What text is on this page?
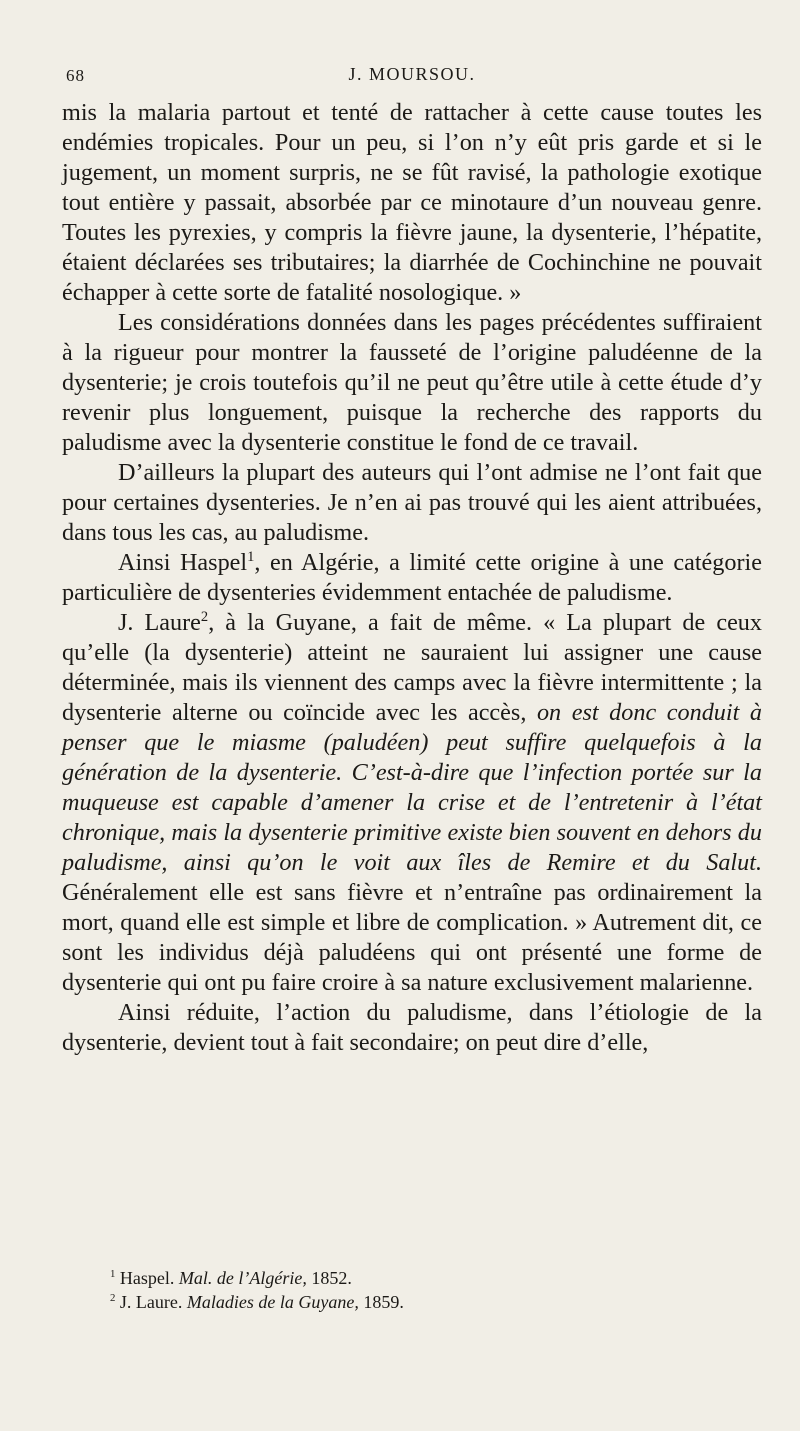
68	J. MOURSOU.

mis la malaria partout et tenté de rattacher à cette cause toutes les endémies tropicales. Pour un peu, si l’on n’y eût pris garde et si le jugement, un moment surpris, ne se fût ravisé, la pathologie exotique tout entière y passait, absorbée par ce minotaure d’un nouveau genre. Toutes les pyrexies, y compris la fièvre jaune, la dysenterie, l’hépatite, étaient déclarées ses tributaires; la diarrhée de Cochinchine ne pouvait échapper à cette sorte de fatalité nosologique. »

Les considérations données dans les pages précédentes suffiraient à la rigueur pour montrer la fausseté de l’origine paludéenne de la dysenterie; je crois toutefois qu’il ne peut qu’être utile à cette étude d’y revenir plus longuement, puisque la recherche des rapports du paludisme avec la dysenterie constitue le fond de ce travail.

D’ailleurs la plupart des auteurs qui l’ont admise ne l’ont fait que pour certaines dysenteries. Je n’en ai pas trouvé qui les aient attribuées, dans tous les cas, au paludisme.

Ainsi Haspel$^1$, en Algérie, a limité cette origine à une catégorie particulière de dysenteries évidemment entachée de paludisme.

J. Laure$^2$, à la Guyane, a fait de même. « La plupart de ceux qu’elle (la dysenterie) atteint ne sauraient lui assigner une cause déterminée, mais ils viennent des camps avec la fièvre intermittente ; la dysenterie alterne ou coïncide avec les accès, on est donc conduit à penser que le miasme (paludéen) peut suffire quelquefois à la génération de la dysenterie. C’est-à-dire que l’infection portée sur la muqueuse est capable d’amener la crise et de l’entretenir à l’état chronique, mais la dysenterie primitive existe bien souvent en dehors du paludisme, ainsi qu’on le voit aux îles de Remire et du Salut. Généralement elle est sans fièvre et n’entraîne pas ordinairement la mort, quand elle est simple et libre de complication. » Autrement dit, ce sont les individus déjà paludéens qui ont présenté une forme de dysenterie qui ont pu faire croire à sa nature exclusivement malarienne.

Ainsi réduite, l’action du paludisme, dans l’étiologie de la dysenterie, devient tout à fait secondaire; on peut dire d’elle,

$^1$ Haspel. Mal. de l’Algérie, 1852.

$^2$ J. Laure. Maladies de la Guyane, 1859.
